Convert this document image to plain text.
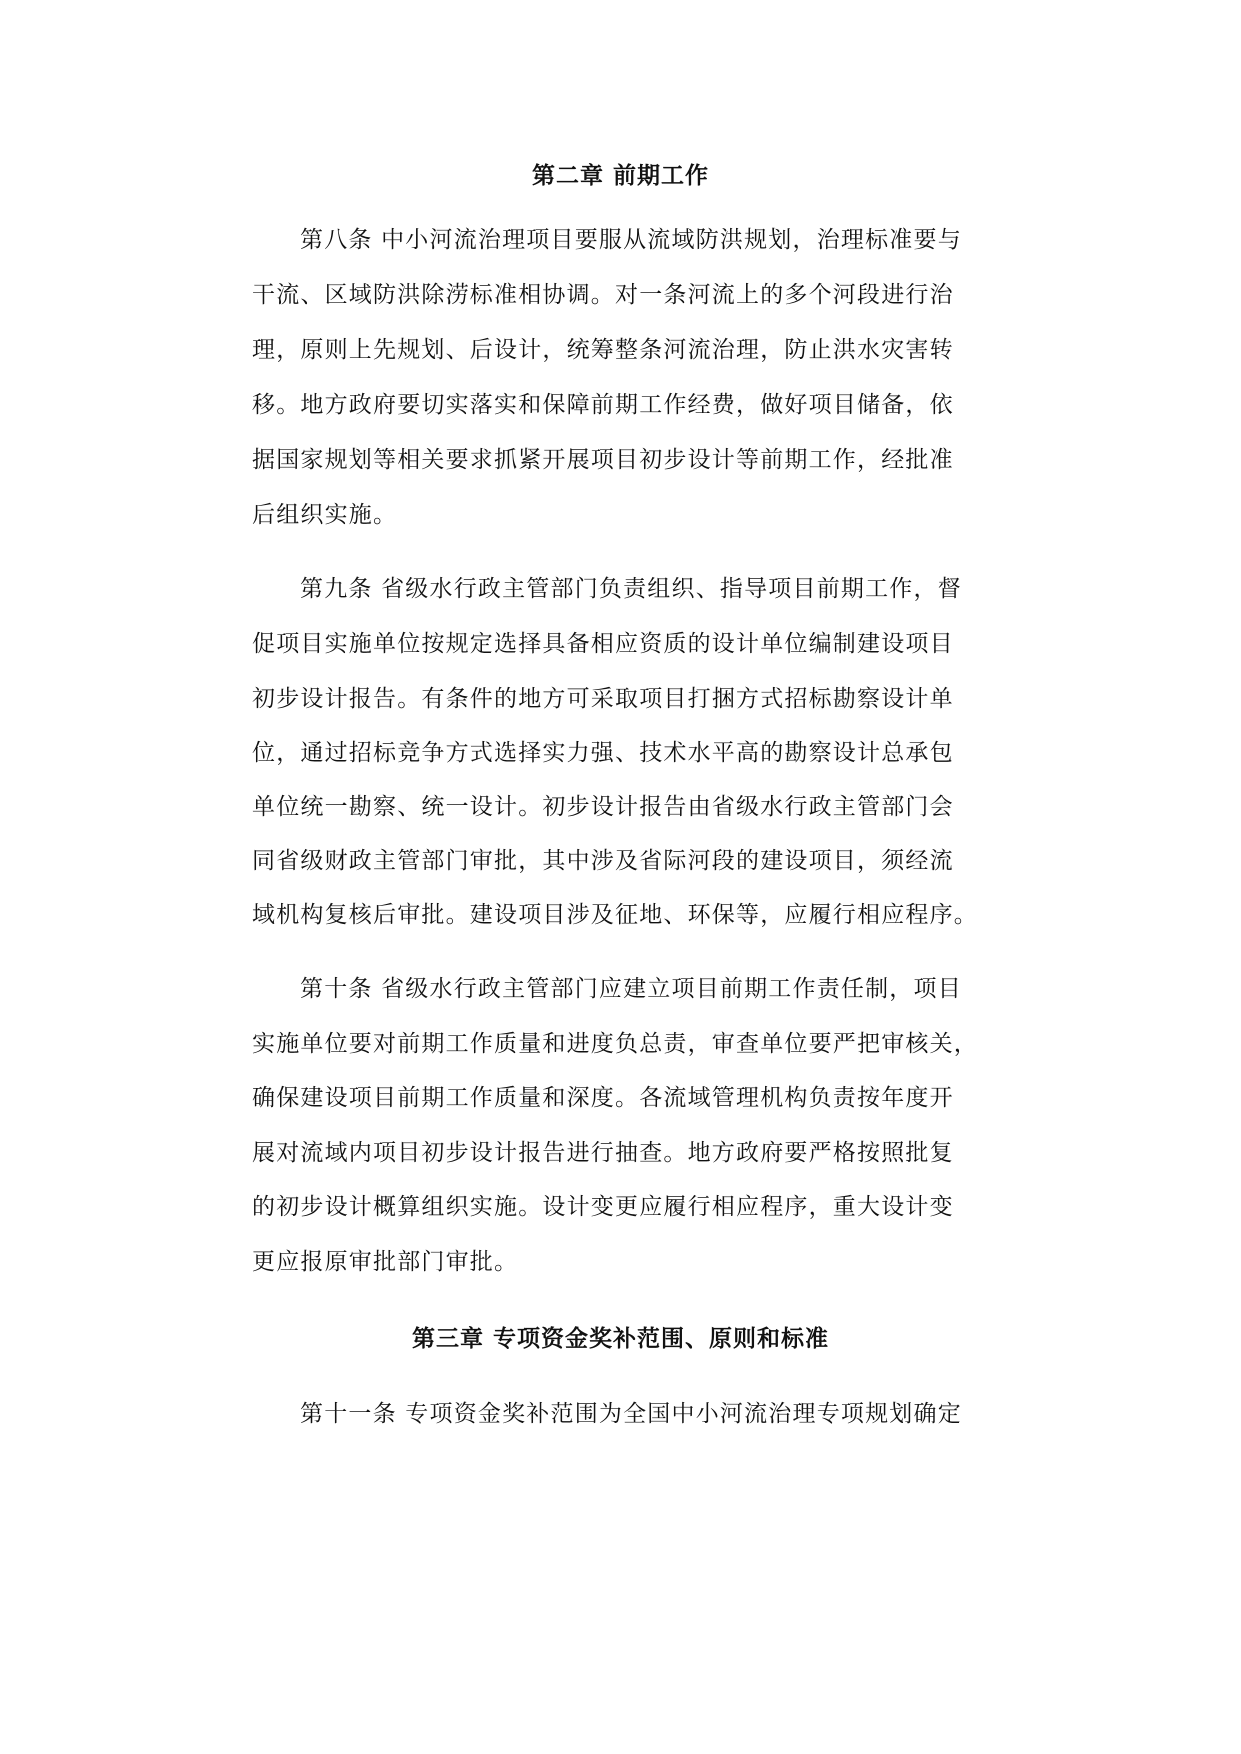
第二章 前期工作
第八条 中小河流治理项目要服从流域防洪规划，治理标准要与
干流、区域防洪除涝标准相协调。对一条河流上的多个河段进行治
理，原则上先规划、后设计，统筹整条河流治理，防止洪水灾害转
移。地方政府要切实落实和保障前期工作经费，做好项目储备，依
据国家规划等相关要求抓紧开展项目初步设计等前期工作，经批准
后组织实施。
第九条 省级水行政主管部门负责组织、指导项目前期工作，督
促项目实施单位按规定选择具备相应资质的设计单位编制建设项目
初步设计报告。有条件的地方可采取项目打捆方式招标勘察设计单
位，通过招标竞争方式选择实力强、技术水平高的勘察设计总承包
单位统一勘察、统一设计。初步设计报告由省级水行政主管部门会
同省级财政主管部门审批，其中涉及省际河段的建设项目，须经流
域机构复核后审批。建设项目涉及征地、环保等，应履行相应程序。
第十条 省级水行政主管部门应建立项目前期工作责任制，项目
实施单位要对前期工作质量和进度负总责，审查单位要严把审核关，
确保建设项目前期工作质量和深度。各流域管理机构负责按年度开
展对流域内项目初步设计报告进行抽查。地方政府要严格按照批复
的初步设计概算组织实施。设计变更应履行相应程序，重大设计变
更应报原审批部门审批。
第三章 专项资金奖补范围、原则和标准
第十一条 专项资金奖补范围为全国中小河流治理专项规划确定
